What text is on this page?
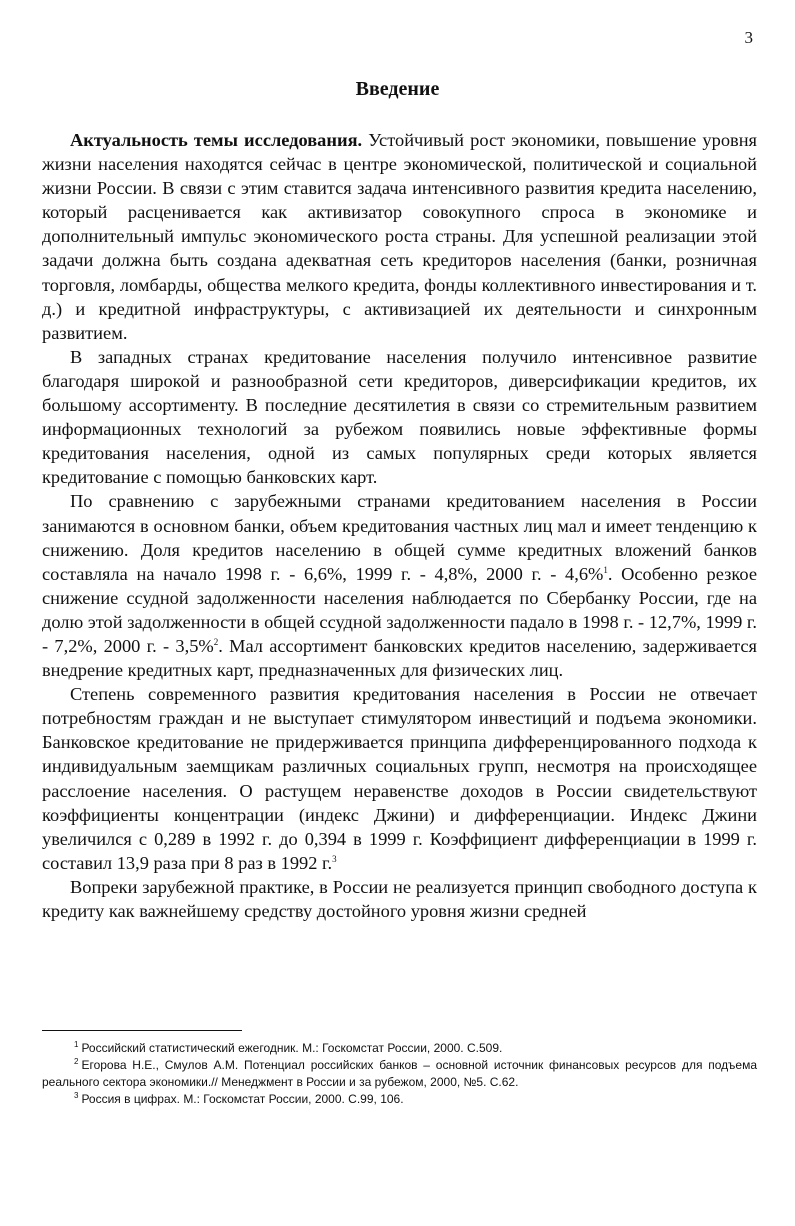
3
Введение

Актуальность темы исследования. Устойчивый рост экономики, повышение уровня жизни населения находятся сейчас в центре экономической, политической и социальной жизни России. В связи с этим ставится задача интенсивного развития кредита населению, который расценивается как активизатор совокупного спроса в экономике и дополнительный импульс экономического роста страны. Для успешной реализации этой задачи должна быть создана адекватная сеть кредиторов населения (банки, розничная торговля, ломбарды, общества мелкого кредита, фонды коллективного инвестирования и т. д.) и кредитной инфраструктуры, с активизацией их деятельности и синхронным развитием.

В западных странах кредитование населения получило интенсивное развитие благодаря широкой и разнообразной сети кредиторов, диверсификации кредитов, их большому ассортименту. В последние десятилетия в связи со стремительным развитием информационных технологий за рубежом появились новые эффективные формы кредитования населения, одной из самых популярных среди которых является кредитование с помощью банковских карт.

По сравнению с зарубежными странами кредитованием населения в России занимаются в основном банки, объем кредитования частных лиц мал и имеет тенденцию к снижению. Доля кредитов населению в общей сумме кредитных вложений банков составляла на начало 1998 г. - 6,6%, 1999 г. - 4,8%, 2000 г. - 4,6%$^1$. Особенно резкое снижение ссудной задолженности населения наблюдается по Сбербанку России, где на долю этой задолженности в общей ссудной задолженности падало в 1998 г. - 12,7%, 1999 г. - 7,2%, 2000 г. - 3,5%$^2$. Мал ассортимент банковских кредитов населению, задерживается внедрение кредитных карт, предназначенных для физических лиц.

Степень современного развития кредитования населения в России не отвечает потребностям граждан и не выступает стимулятором инвестиций и подъема экономики. Банковское кредитование не придерживается принципа дифференцированного подхода к индивидуальным заемщикам различных социальных групп, несмотря на происходящее расслоение населения. О растущем неравенстве доходов в России свидетельствуют коэффициенты концентрации (индекс Джини) и дифференциации. Индекс Джини увеличился с 0,289 в 1992 г. до 0,394 в 1999 г. Коэффициент дифференциации в 1999 г. составил 13,9 раза при 8 раз в 1992 г.$^3$

Вопреки зарубежной практике, в России не реализуется принцип свободного доступа к кредиту как важнейшему средству достойного уровня жизни средней

$^1$ Российский статистический ежегодник. М.: Госкомстат России, 2000. С.509.

$^2$ Егорова Н.Е., Смулов А.М. Потенциал российских банков – основной источник финансовых ресурсов для подъема реального сектора экономики.// Менеджмент в России и за рубежом, 2000, №5. С.62.

$^3$ Россия в цифрах. М.: Госкомстат России, 2000. С.99, 106.
